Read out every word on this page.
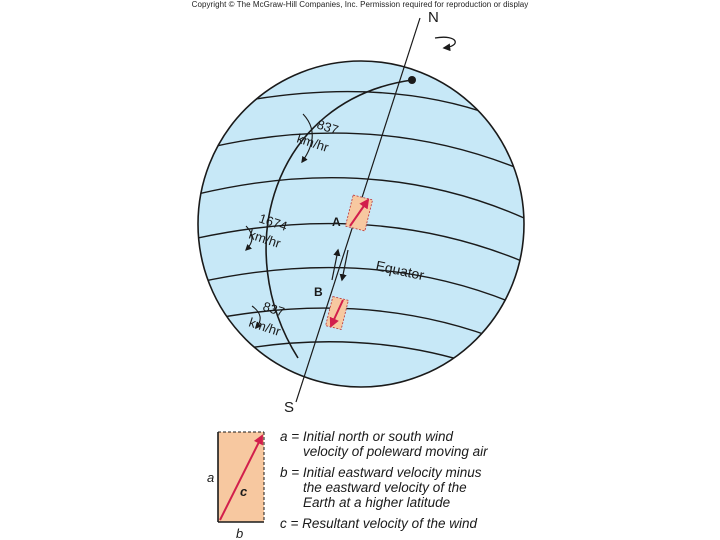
Copyright © The McGraw-Hill Companies, Inc. Permission required for reproduction or display
N
S
Equator
A
B
837
km/hr
1674
km/hr
837
km/hr
a
b
c
a = Initial north or south wind
velocity of poleward moving air
b = Initial eastward velocity minus
the eastward velocity of the
Earth at a higher latitude
c = Resultant velocity of the wind
